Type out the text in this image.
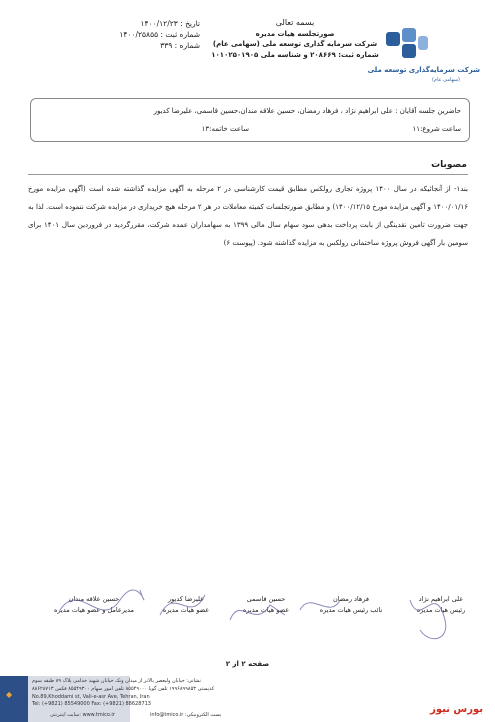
تاریخ : ۱۴۰۰/۱۲/۲۳
شماره ثبت : ۱۴۰۰/۲۵۸۵۵
شماره : ۳۳۹
بسمه تعالی
صورتجلسه هیات مدیره
شرکت سرمایه گذاری توسعه ملی (سهامی عام)
شماره ثبت: ۲۰۸۶۶۹ و شناسه ملی ۱۰۱۰۲۵۰۱۹۰۵
شرکت سرمایه‌گذاری توسعه ملی
(سهامی عام)
حاضرین جلسه آقایان : علی ابراهیم نژاد ، فرهاد رمضان، حسین علاقه مندان،حسین قاسمی، علیرضا کدیور
ساعت شروع:۱۱
ساعت خاتمه:۱۳
مصوبات
بند۱- از آنجائیکه در سال ۱۴۰۰ پروژه تجاری رولکس مطابق قیمت کارشناسی در ۲ مرحله به آگهی مزایده گذاشته شده است (آگهی مزایده مورخ ۱۴۰۰/۰۱/۱۶ و آگهی مزایده مورخ ۱۴۰۰/۱۲/۱۵) و مطابق صورتجلسات کمیته معاملات در هر ۲ مرحله هیچ خریداری در مزایده شرکت ننموده است. لذا به جهت ضرورت تامین نقدینگی از بابت پرداخت بدهی سود سهام سال مالی ۱۳۹۹ به سهامداران عمده شرکت، مقررگردید در فروردین سال ۱۴۰۱ برای سومین بار آگهی فروش پروژه ساختمانی رولکس به مزایده گذاشته شود. (پیوست ۶)
علی ابراهیم نژاد
رئیس هیات مدیره
فرهاد رمضان
نائب رئیس هیات مدیره
حسین قاسمی
عضو هیات مدیره
علیرضا کدیور
عضو هیات مدیره
حسین علاقه مندان
مدیرعامل و عضو هیات مدیره
صفحه ۲ از ۲
◆
نشانی: خیابان ولیعصر بالاتر از میدان ونک خیابان شهید خدامی پلاک ۸۹ طبقه سوم
کدپستی ۱۹۹۶۸۹۹۸۵۳ تلفن گویا ۸۵۵۴۹۰۰۰ تلفن امور سهام ۸۵۵۴۹۳۰۰ فکس ۸۸۶۲۸۷۱۳
No.89,Khoddami st, Vali-e-asr Ave, Tehran, Iran
Tel: (+9821) 85549000 Fax: (+9821) 88628713
سایت اینترنتی: www.tmico.ir	info@tmico.ir :پست الکترونیکی	بورس نیوز
